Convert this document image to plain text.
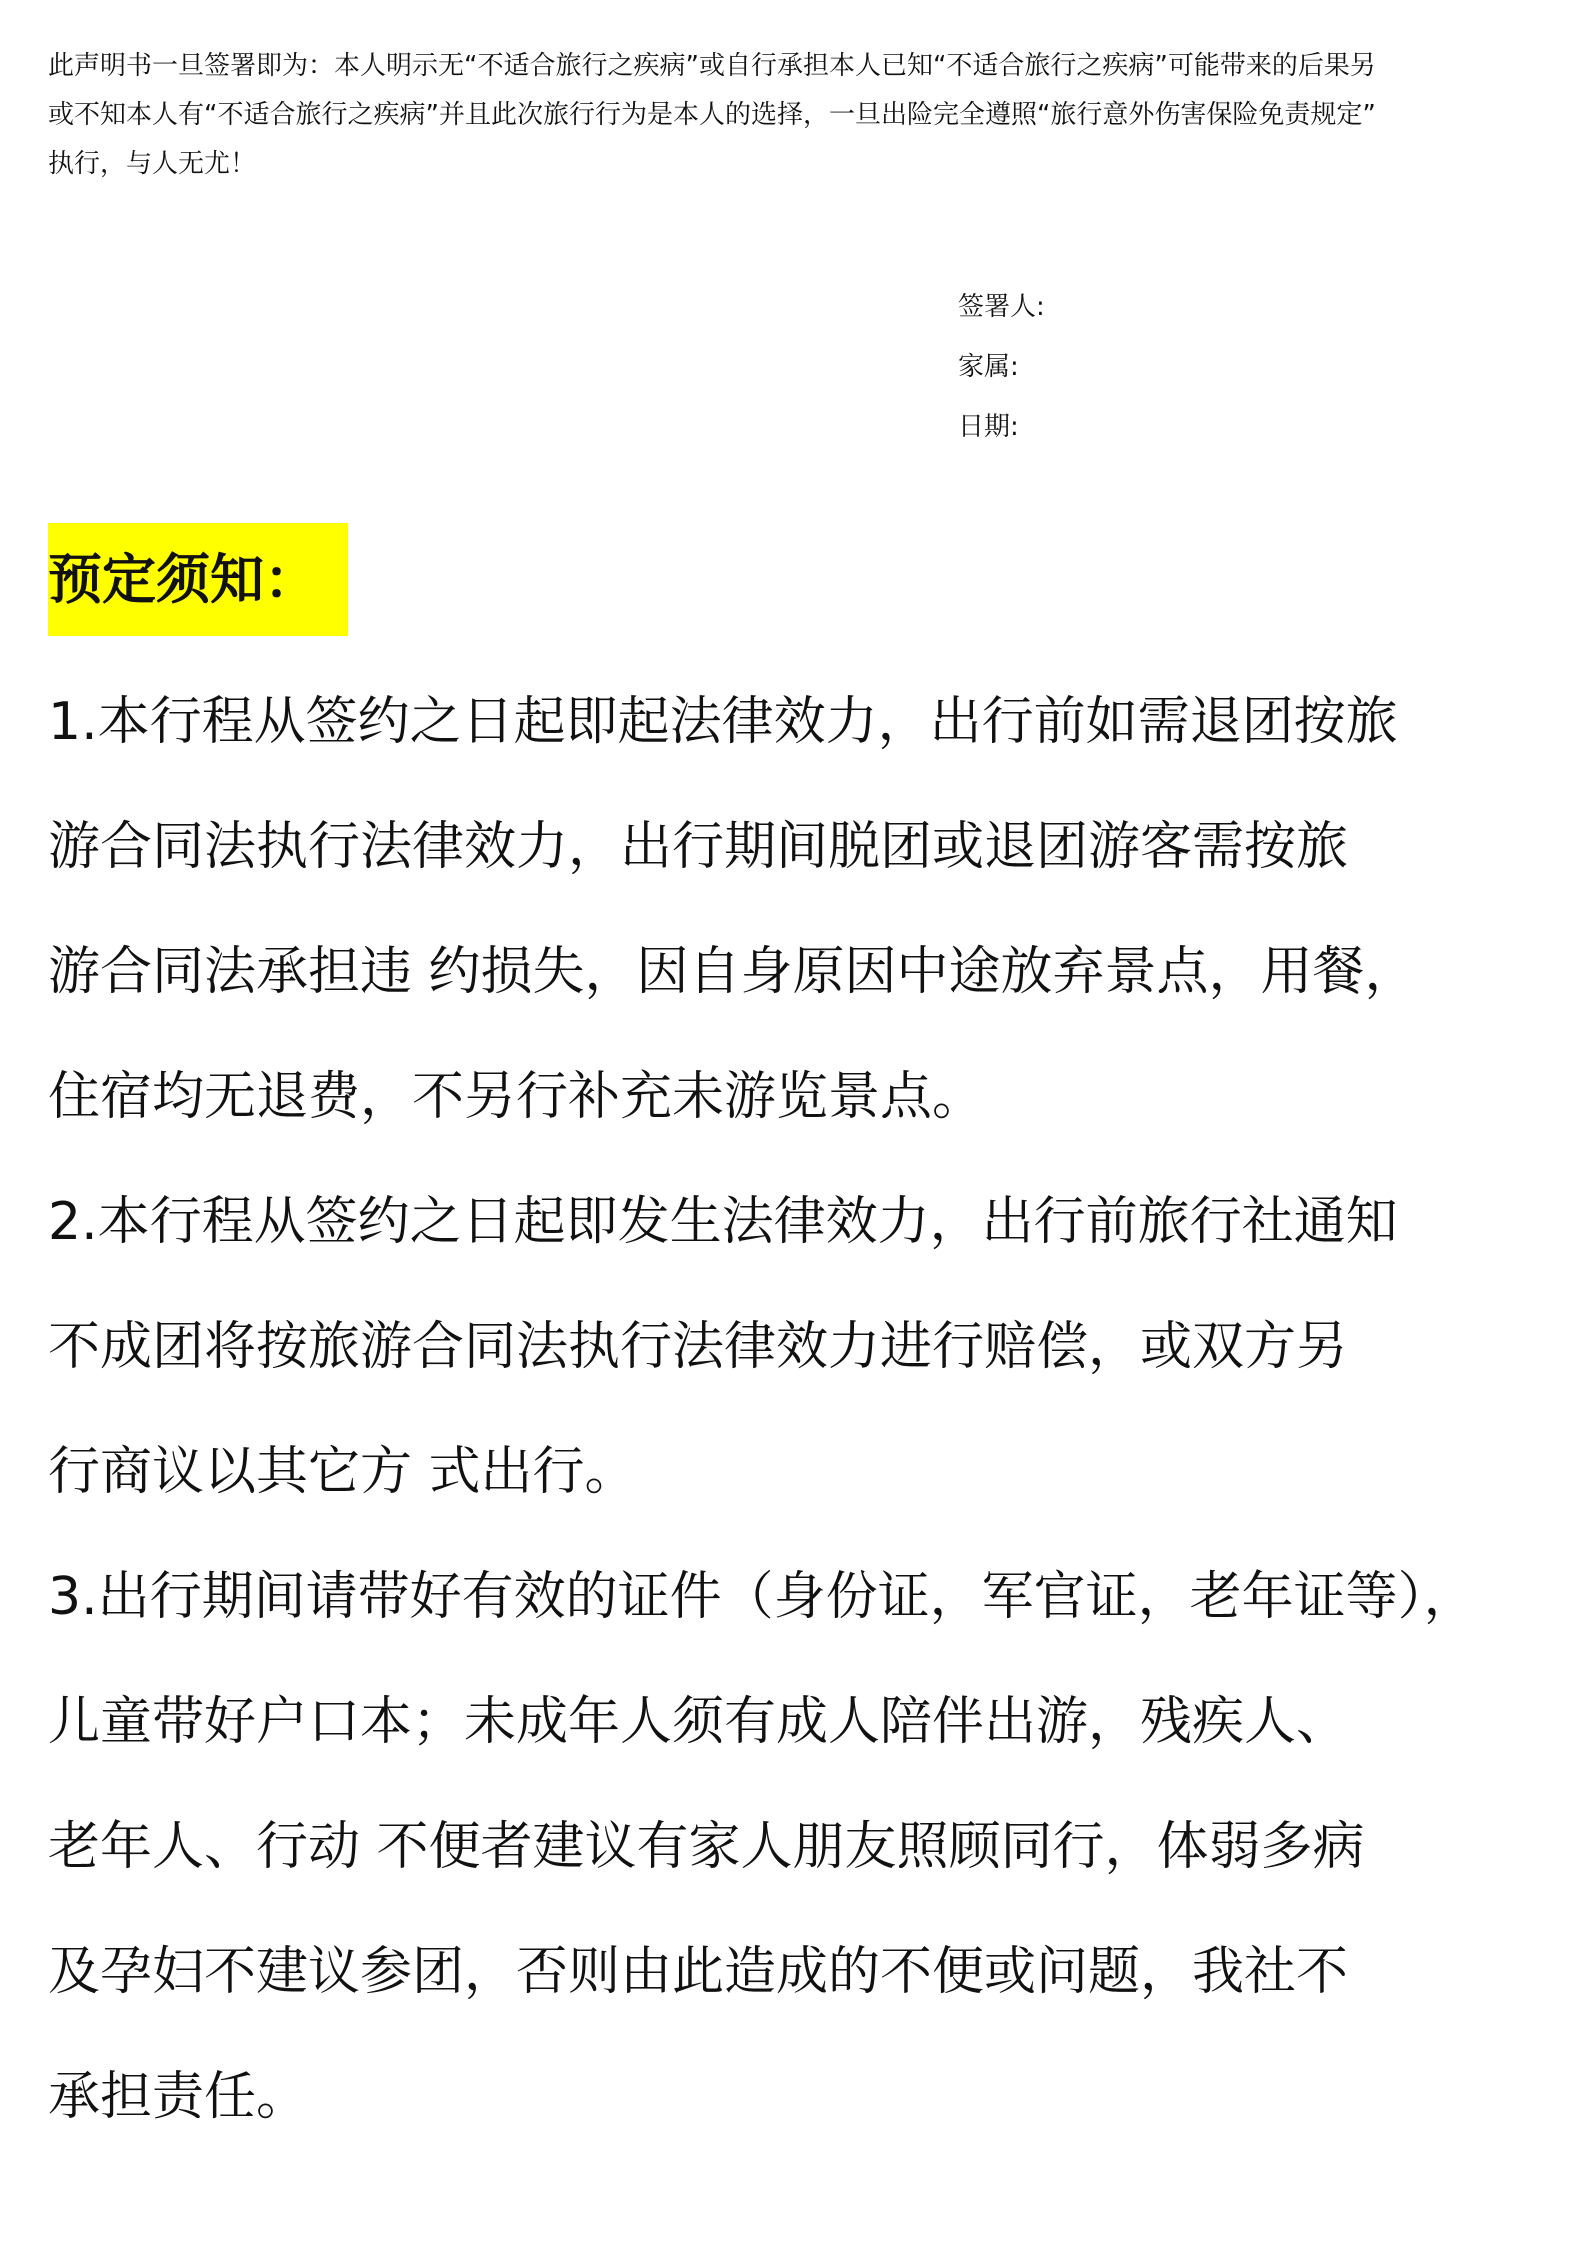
此声明书一旦签署即为：本人明示无“不适合旅行之疾病”或自行承担本人已知“不适合旅行之疾病”可能带来的后果另
或不知本人有“不适合旅行之疾病”并且此次旅行行为是本人的选择，一旦出险完全遵照“旅行意外伤害保险免责规定”
执行，与人无尤！
签署人:
家属:
日期:
预定须知：
1.本行程从签约之日起即起法律效力，出行前如需退团按旅
游合同法执行法律效力，出行期间脱团或退团游客需按旅
游合同法承担违 约损失，因自身原因中途放弃景点，用餐，
住宿均无退费，不另行补充未游览景点。
2.本行程从签约之日起即发生法律效力，出行前旅行社通知
不成团将按旅游合同法执行法律效力进行赔偿，或双方另
行商议以其它方 式出行。
3.出行期间请带好有效的证件（身份证，军官证，老年证等），
儿童带好户口本；未成年人须有成人陪伴出游，残疾人、
老年人、行动 不便者建议有家人朋友照顾同行，体弱多病
及孕妇不建议参团，否则由此造成的不便或问题，我社不
承担责任。
